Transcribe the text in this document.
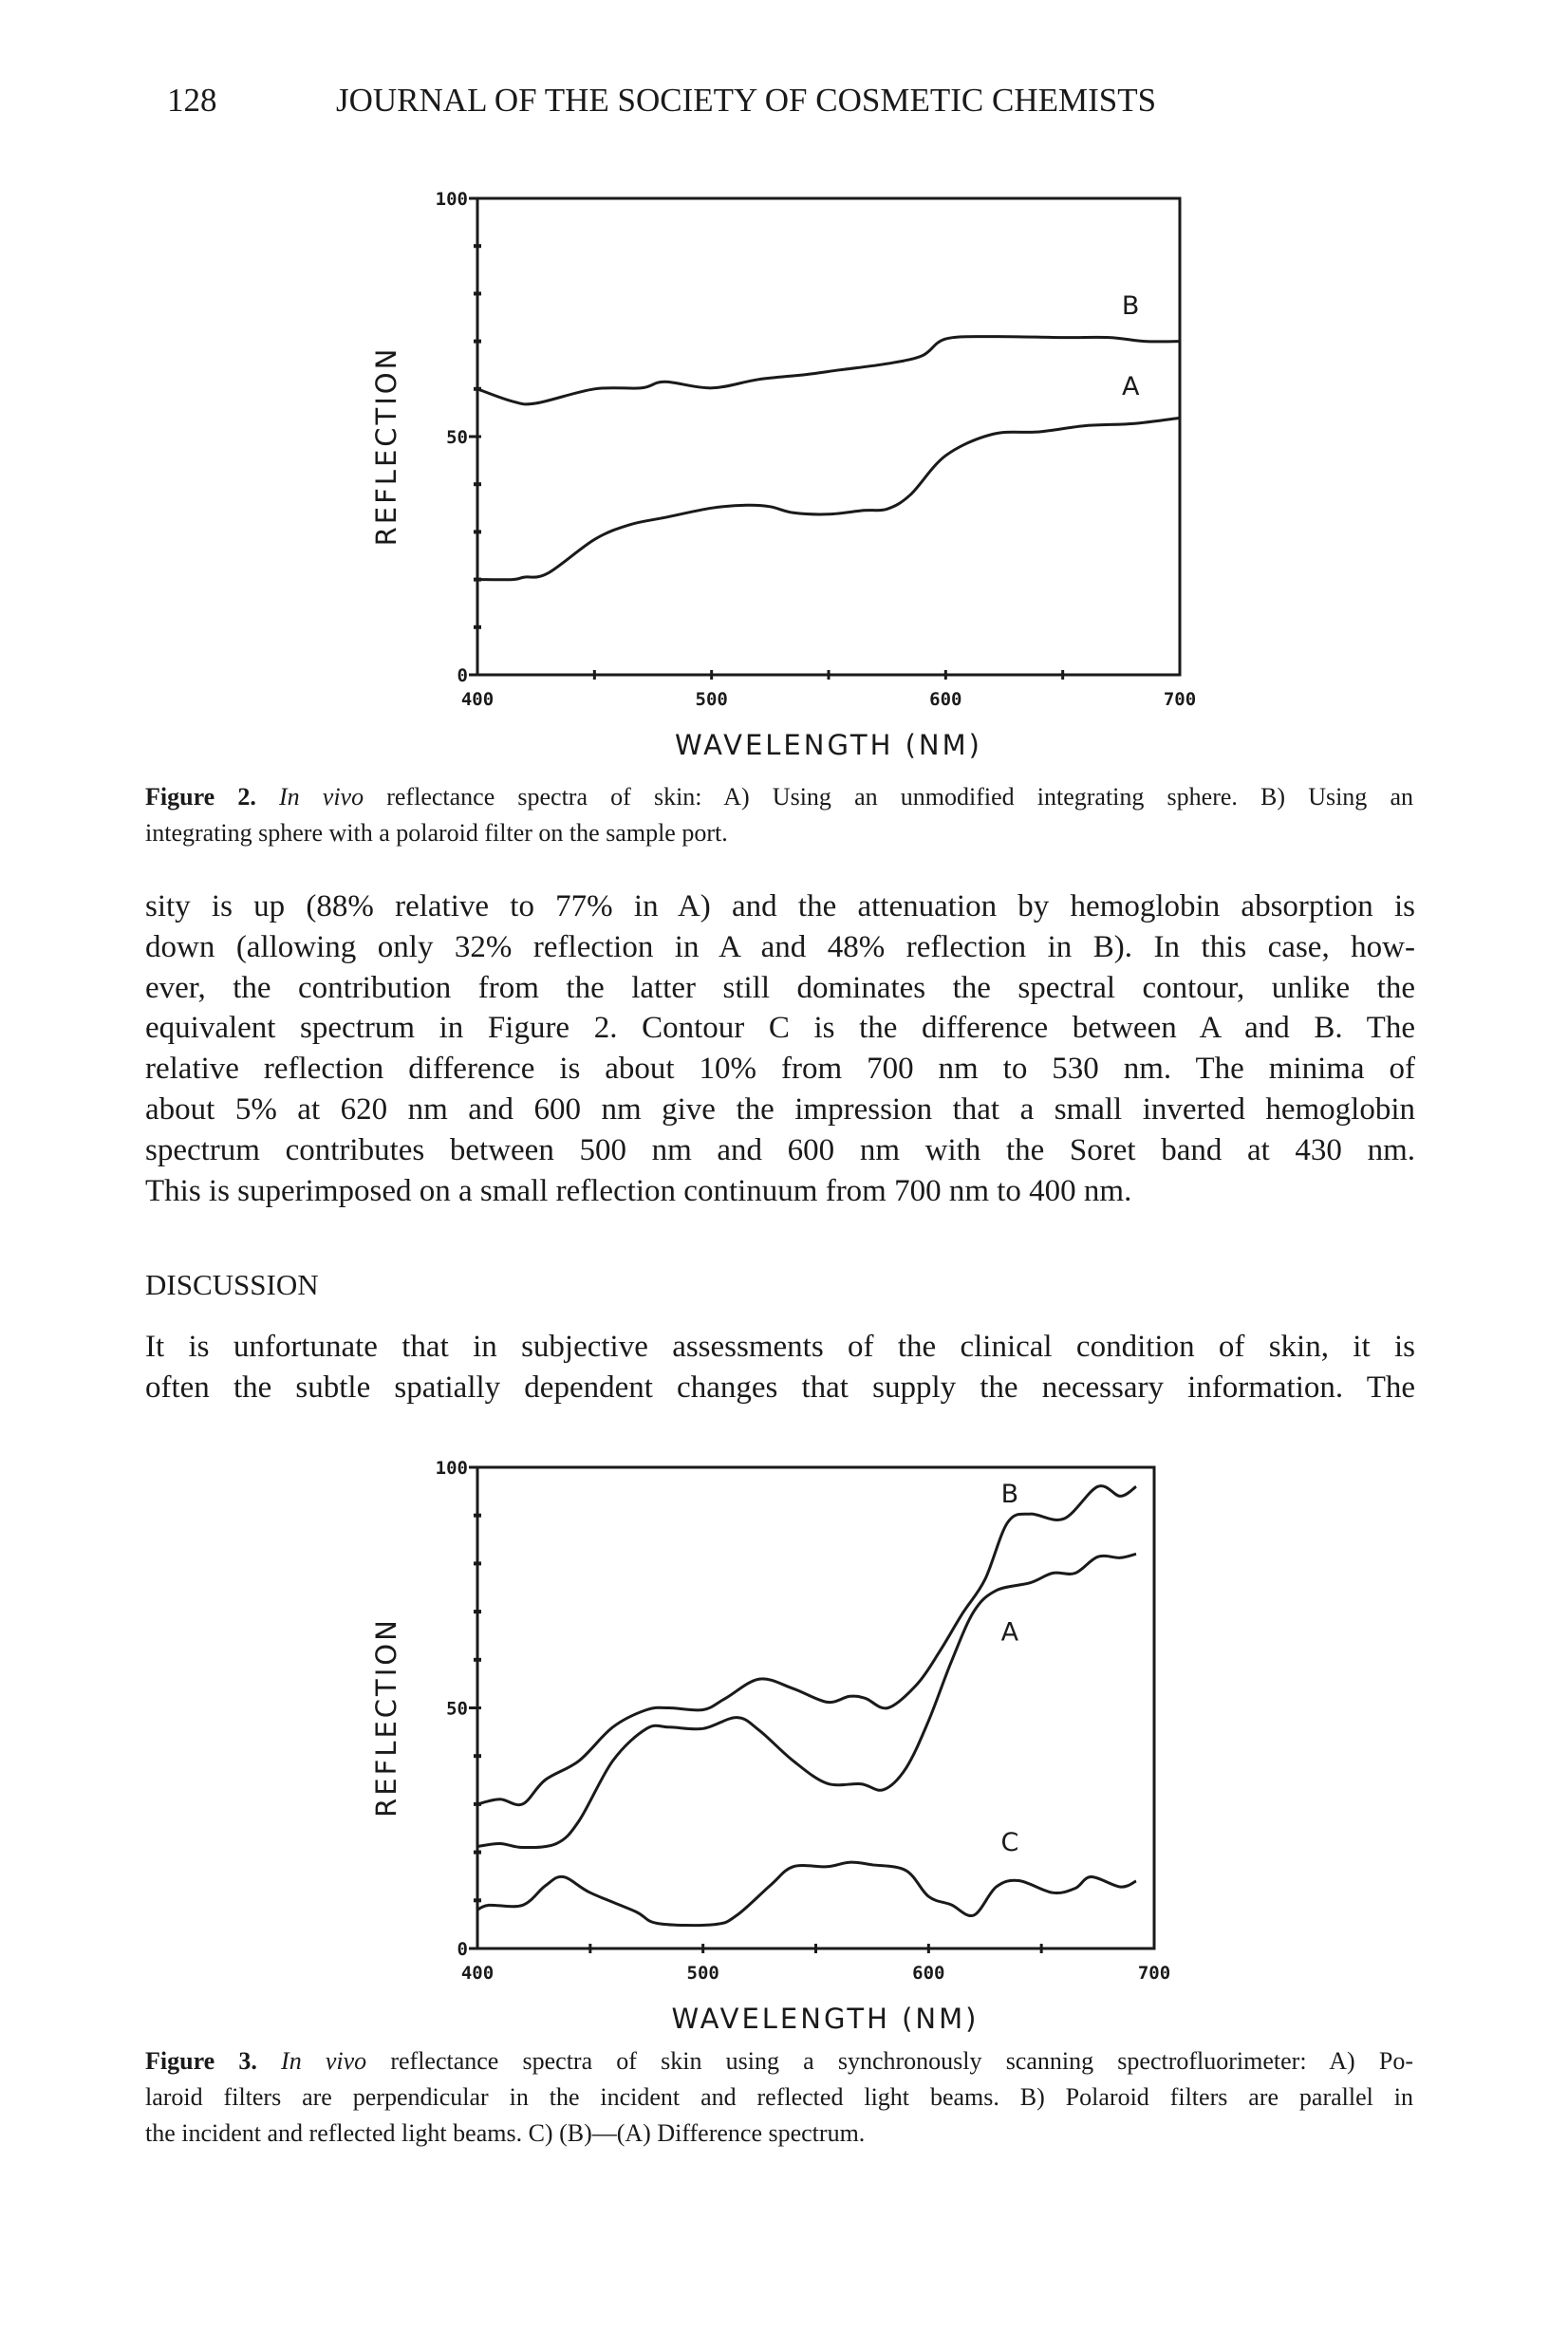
128	JOURNAL OF THE SOCIETY OF COSMETIC CHEMISTS
0
50
100
400	500	600	700
WAVELENGTH (NM)
REFLECTION
B
A
0
50
100
400	500	600	700
WAVELENGTH (NM)
REFLECTION
B
A
C
Figure 2. In vivo reflectance spectra of skin: A) Using an unmodified integrating sphere. B) Using an
integrating sphere with a polaroid filter on the sample port.
sity is up (88% relative to 77% in A) and the attenuation by hemoglobin absorption is
down (allowing only 32% reflection in A and 48% reflection in B). In this case, how-
ever, the contribution from the latter still dominates the spectral contour, unlike the
equivalent spectrum in Figure 2. Contour C is the difference between A and B. The
relative reflection difference is about 10% from 700 nm to 530 nm. The minima of
about 5% at 620 nm and 600 nm give the impression that a small inverted hemoglobin
spectrum contributes between 500 nm and 600 nm with the Soret band at 430 nm.
This is superimposed on a small reflection continuum from 700 nm to 400 nm.
DISCUSSION
It is unfortunate that in subjective assessments of the clinical condition of skin, it is
often the subtle spatially dependent changes that supply the necessary information. The
Figure 3. In vivo reflectance spectra of skin using a synchronously scanning spectrofluorimeter: A) Po-
laroid filters are perpendicular in the incident and reflected light beams. B) Polaroid filters are parallel in
the incident and reflected light beams. C) (B)—(A) Difference spectrum.
